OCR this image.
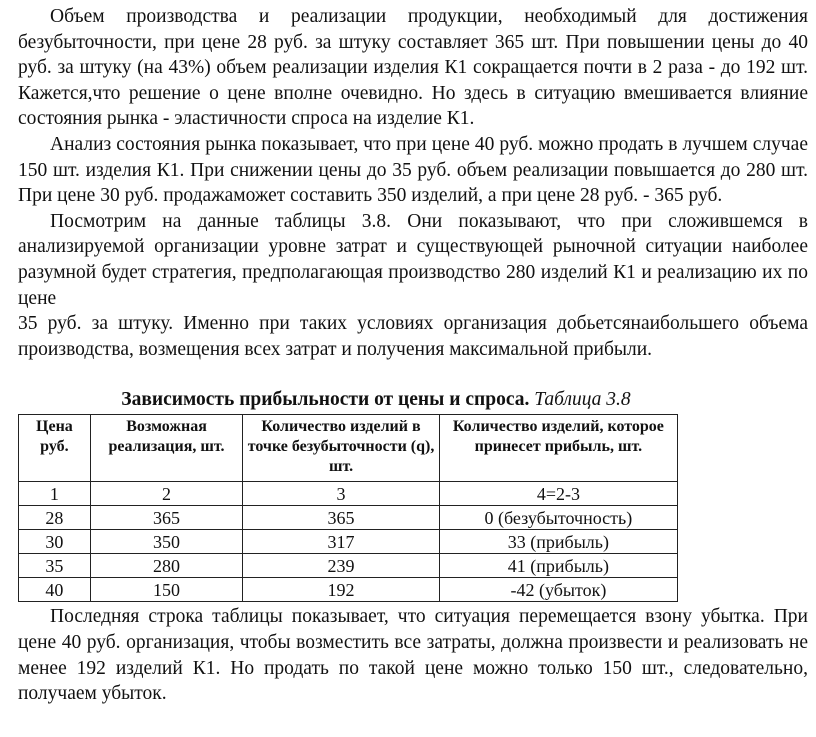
Объем производства и реализации продукции, необходимый для достижения безубыточности, при цене 28 руб. за штуку составляет 365 шт. При повышении цены до 40 руб. за штуку (на 43%) объем реализации изделия К1 сокращается почти в 2 раза - до 192 шт. Кажется,что решение о цене вполне очевидно. Но здесь в ситуацию вмешивается влияние состояния рынка - эластичности спроса на изделие К1.

Анализ состояния рынка показывает, что при цене 40 руб. можно продать в лучшем случае 150 шт. изделия К1. При снижении цены до 35 руб. объем реализации повышается до 280 шт. При цене 30 руб. продажаможет составить 350 изделий, а при цене 28 руб. - 365 руб.

Посмотрим на данные таблицы 3.8. Они показывают, что при сложившемся в анализируемой организации уровне затрат и существующей рыночной ситуации наиболее разумной будет стратегия, предполагающая производство 280 изделий К1 и реализацию их по цене

35 руб. за штуку. Именно при таких условиях организация добьетсянаибольшего объема производства, возмещения всех затрат и получения максимальной прибыли.

Зависимость прибыльности от цены и спроса. Таблица 3.8
Цена руб.	Возможная реализация, шт.	Количество изделий в точке безубыточности (q), шт.	Количество изделий, которое принесет прибыль, шт.
1	2	3	4=2-3
28	365	365	0 (безубыточность)
30	350	317	33 (прибыль)
35	280	239	41 (прибыль)
40	150	192	-42 (убыток)

Последняя строка таблицы показывает, что ситуация перемещается взону убытка. При цене 40 руб. организация, чтобы возместить все затраты, должна произвести и реализовать не менее 192 изделий К1. Но продать по такой цене можно только 150 шт., следовательно, получаем убыток.
